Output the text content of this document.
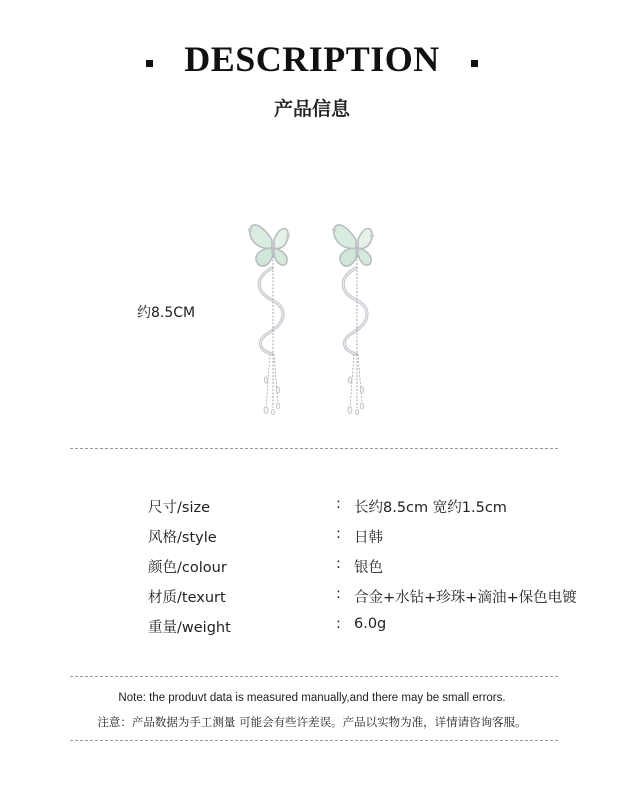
DESCRIPTION
产品信息
约8.5CM
尺寸/size	: 长约8.5cm 宽约1.5cm
风格/style	: 日韩
颜色/colour	: 银色
材质/texurt	: 合金+水钻+珍珠+滴油+保色电镀
重量/weight	: 6.0g
Note: the produvt data is measured manually,and there may be small errors.
注意：产品数据为手工测量 可能会有些许差误。产品以实物为准，详情请咨询客服。
